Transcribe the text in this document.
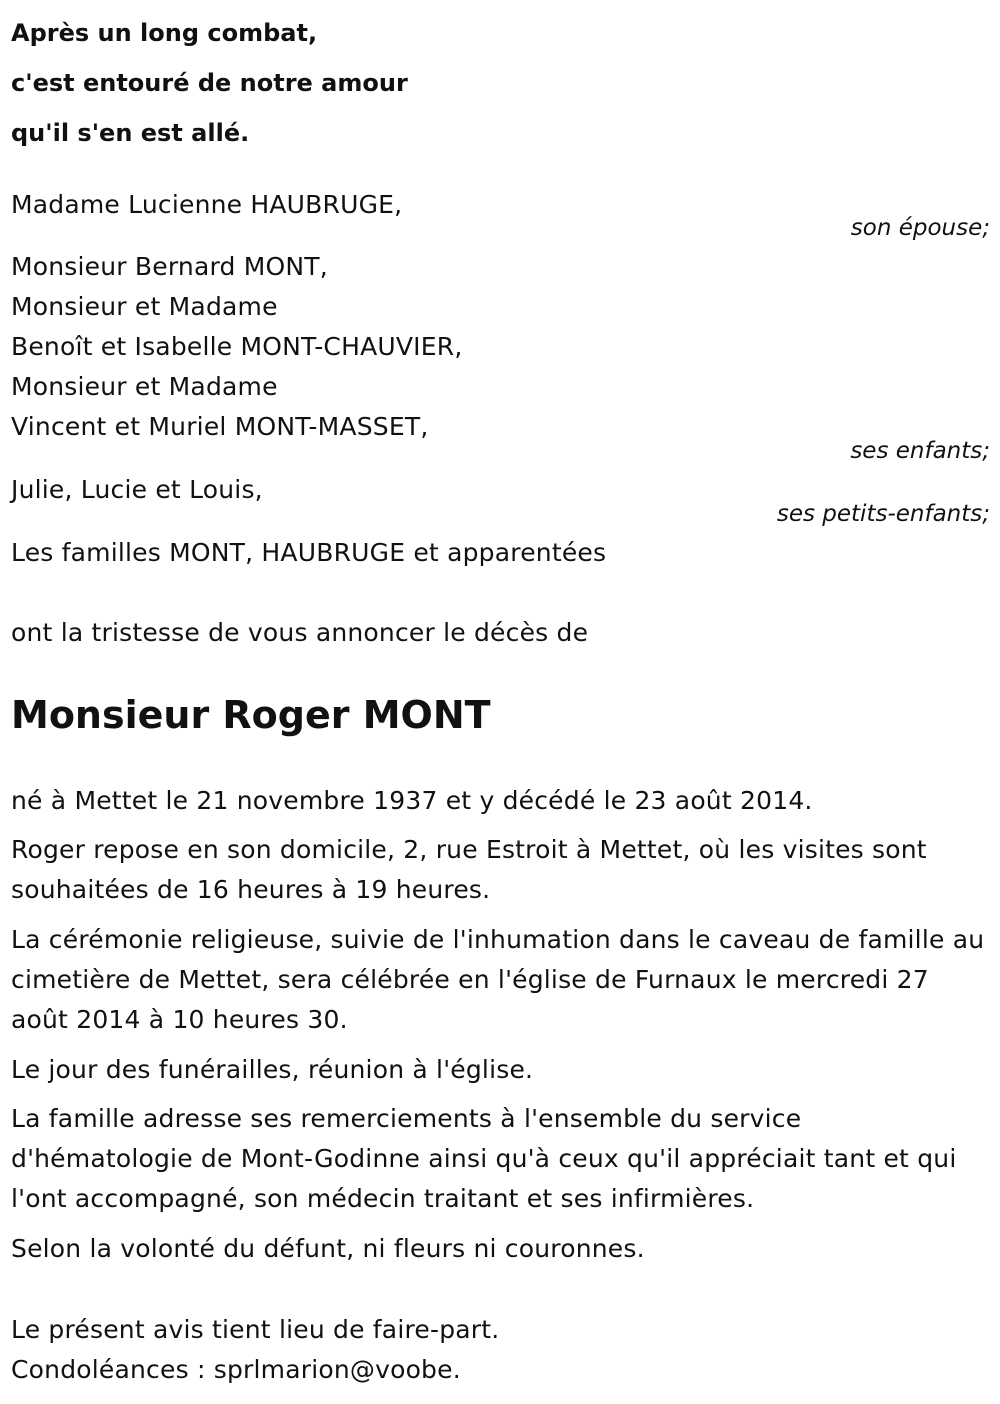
Après un long combat,
c'est entouré de notre amour
qu'il s'en est allé.
Madame Lucienne HAUBRUGE,
son épouse;
Monsieur Bernard MONT,
Monsieur et Madame
Benoît et Isabelle MONT-CHAUVIER,
Monsieur et Madame
Vincent et Muriel MONT-MASSET,
ses enfants;
Julie, Lucie et Louis,
ses petits-enfants;
Les familles MONT, HAUBRUGE et apparentées
ont la tristesse de vous annoncer le décès de
Monsieur Roger MONT
né à Mettet le 21 novembre 1937 et y décédé le 23 août 2014.
Roger repose en son domicile, 2, rue Estroit à Mettet, où les visites sont souhaitées de 16 heures à 19 heures.
La cérémonie religieuse, suivie de l'inhumation dans le caveau de famille au cimetière de Mettet, sera célébrée en l'église de Furnaux le mercredi 27 août 2014 à 10 heures 30.
Le jour des funérailles, réunion à l'église.
La famille adresse ses remerciements à l'ensemble du service d'hématologie de Mont-Godinne ainsi qu'à ceux qu'il appréciait tant et qui l'ont accompagné, son médecin traitant et ses infirmières.
Selon la volonté du défunt, ni fleurs ni couronnes.
Le présent avis tient lieu de faire-part.
Condoléances : sprlmarion@voobe.
